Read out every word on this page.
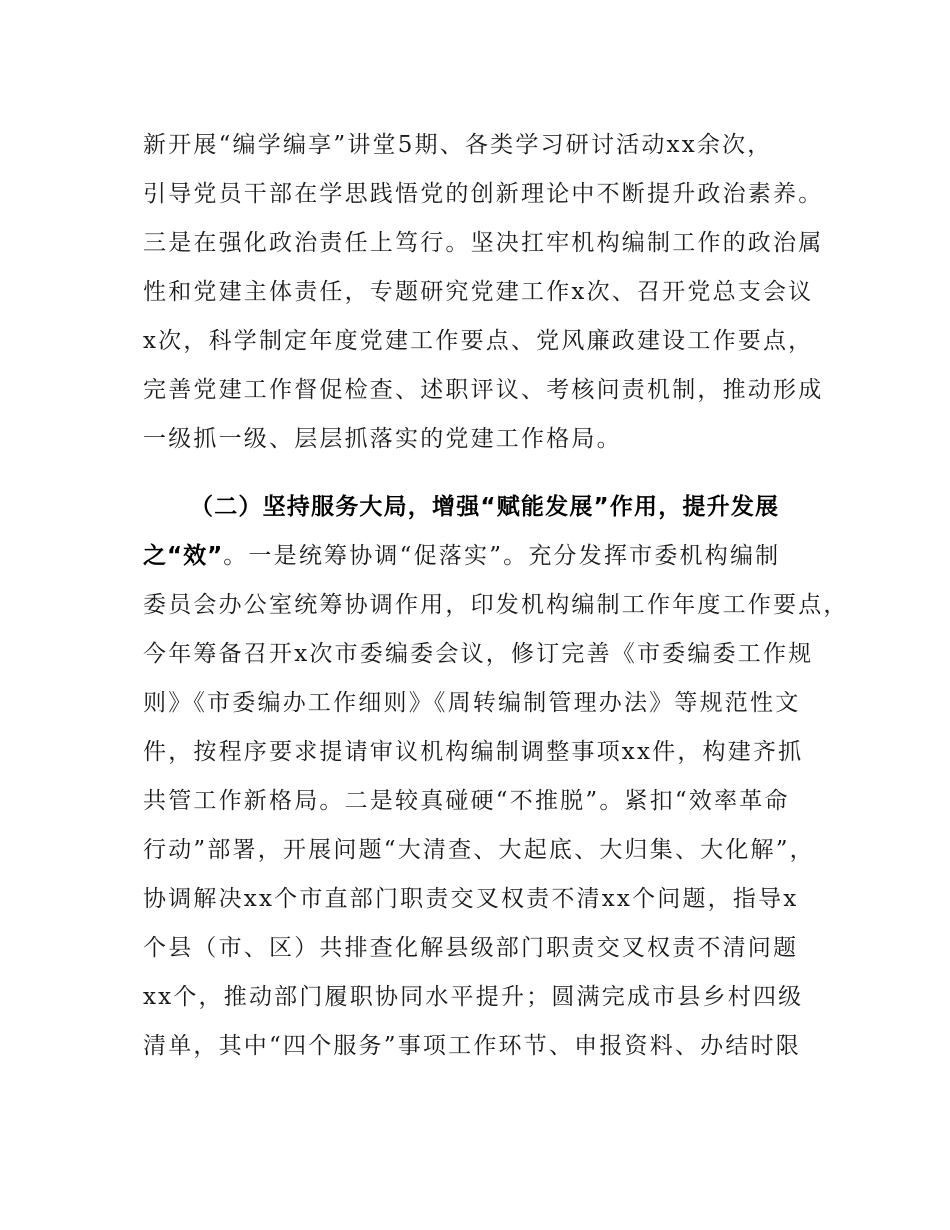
新开展“编学编享”讲堂5期、各类学习研讨活动xx余次，
引导党员干部在学思践悟党的创新理论中不断提升政治素养。
三是在强化政治责任上笃行。坚决扛牢机构编制工作的政治属
性和党建主体责任，专题研究党建工作x次、召开党总支会议
x次，科学制定年度党建工作要点、党风廉政建设工作要点，
完善党建工作督促检查、述职评议、考核问责机制，推动形成
一级抓一级、层层抓落实的党建工作格局。
（二）坚持服务大局，增强“赋能发展”作用，提升发展
之“效”。一是统筹协调“促落实”。充分发挥市委机构编制
委员会办公室统筹协调作用，印发机构编制工作年度工作要点，
今年筹备召开x次市委编委会议，修订完善《市委编委工作规
则》《市委编办工作细则》《周转编制管理办法》等规范性文
件，按程序要求提请审议机构编制调整事项xx件，构建齐抓
共管工作新格局。二是较真碰硬“不推脱”。紧扣“效率革命
行动”部署，开展问题“大清查、大起底、大归集、大化解”，
协调解决xx个市直部门职责交叉权责不清xx个问题，指导x
个县（市、区）共排查化解县级部门职责交叉权责不清问题
xx个，推动部门履职协同水平提升；圆满完成市县乡村四级
清单，其中“四个服务”事项工作环节、申报资料、办结时限
